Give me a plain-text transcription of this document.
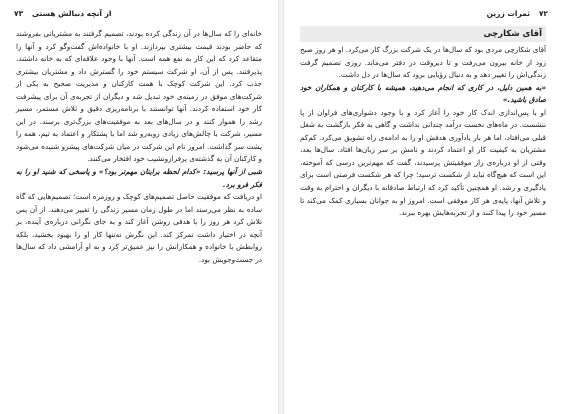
۷۳ از آنچه دنبالش هستی

خانه‌ای را که سال‌ها در آن زندگی کرده بودند، تصمیم گرفتند به مشتریانی بفروشند که حاضر بودند قیمت بیشتری بپردازند. او با خانواده‌اش گفت‌وگو کرد و آنها را متقاعد کرد که این کار به نفع همه است. آنها با وجود علاقه‌ای که به خانه داشتند، پذیرفتند. پس از آن، او شرکت سیستم خود را گسترش داد و مشتریان بیشتری جذب کرد. این شرکت کوچک با همت کارکنان و مدیریت صحیح به یکی از شرکت‌های موفق در زمینه‌ی خود تبدیل شد و دیگران از تجربه‌ی آن برای پیشرفت کار خود استفاده کردند. آنها توانستند با برنامه‌ریزی دقیق و تلاش مستمر، مسیر رشد را هموار کنند و در سال‌های بعد به موفقیت‌های بزرگ‌تری برسند. در این مسیر، شرکت با چالش‌های زیادی روبه‌رو شد اما با پشتکار و اعتماد به تیم، همه را پشت سر گذاشت. امروز نام این شرکت در میان شرکت‌های پیشرو شنیده می‌شود و کارکنان آن به گذشته‌ی پرفرازونشیب خود افتخار می‌کنند.

شبی از آنها پرسید: «کدام لحظه برایتان مهم‌تر بود؟» و پاسخی که شنید او را به فکر فرو برد.

او دریافت که موفقیت حاصل تصمیم‌های کوچک و روزمره است؛ تصمیم‌هایی که گاه ساده به نظر می‌رسند اما در طول زمان مسیر زندگی را تغییر می‌دهند. از آن پس تلاش کرد هر روز را با هدفی روشن آغاز کند و به جای نگرانی درباره‌ی آینده، بر آنچه در اختیار داشت تمرکز کند. این نگرش نه‌تنها کار او را بهبود بخشید، بلکه روابطش با خانواده و همکارانش را نیز عمیق‌تر کرد و به او آرامشی داد که سال‌ها در جست‌وجویش بود.

۷۲
ثمرات زرین
آقای شکارچی

آقای شکارچی مردی بود که سال‌ها در یک شرکت بزرگ کار می‌کرد. او هر روز صبح زود از خانه بیرون می‌رفت و تا دیروقت در دفتر می‌ماند. روزی تصمیم گرفت زندگی‌اش را تغییر دهد و به دنبال رؤیایی برود که سال‌ها در دل داشت.

«به همین دلیل، در کاری که انجام می‌دهید، همیشه با کارکنان و همکاران خود صادق باشید.»

او با پس‌اندازی اندک کار خود را آغاز کرد و با وجود دشواری‌های فراوان از پا ننشست. در ماه‌های نخست درآمد چندانی نداشت و گاهی به فکر بازگشت به شغل قبلی می‌افتاد، اما هر بار یادآوری هدفش او را به ادامه‌ی راه تشویق می‌کرد. کم‌کم مشتریان به کیفیت کار او اعتماد کردند و نامش بر سر زبان‌ها افتاد. سال‌ها بعد، وقتی از او درباره‌ی راز موفقیتش پرسیدند، گفت که مهم‌ترین درسی که آموخته، این است که هیچ‌گاه نباید از شکست ترسید؛ چرا که هر شکست فرصتی است برای یادگیری و رشد. او همچنین تأکید کرد که ارتباط صادقانه با دیگران و احترام به وقت و تلاش آنها، پایه‌ی هر کار موفقی است. امروز او به جوانان بسیاری کمک می‌کند تا مسیر خود را پیدا کنند و از تجربه‌هایش بهره ببرند.
